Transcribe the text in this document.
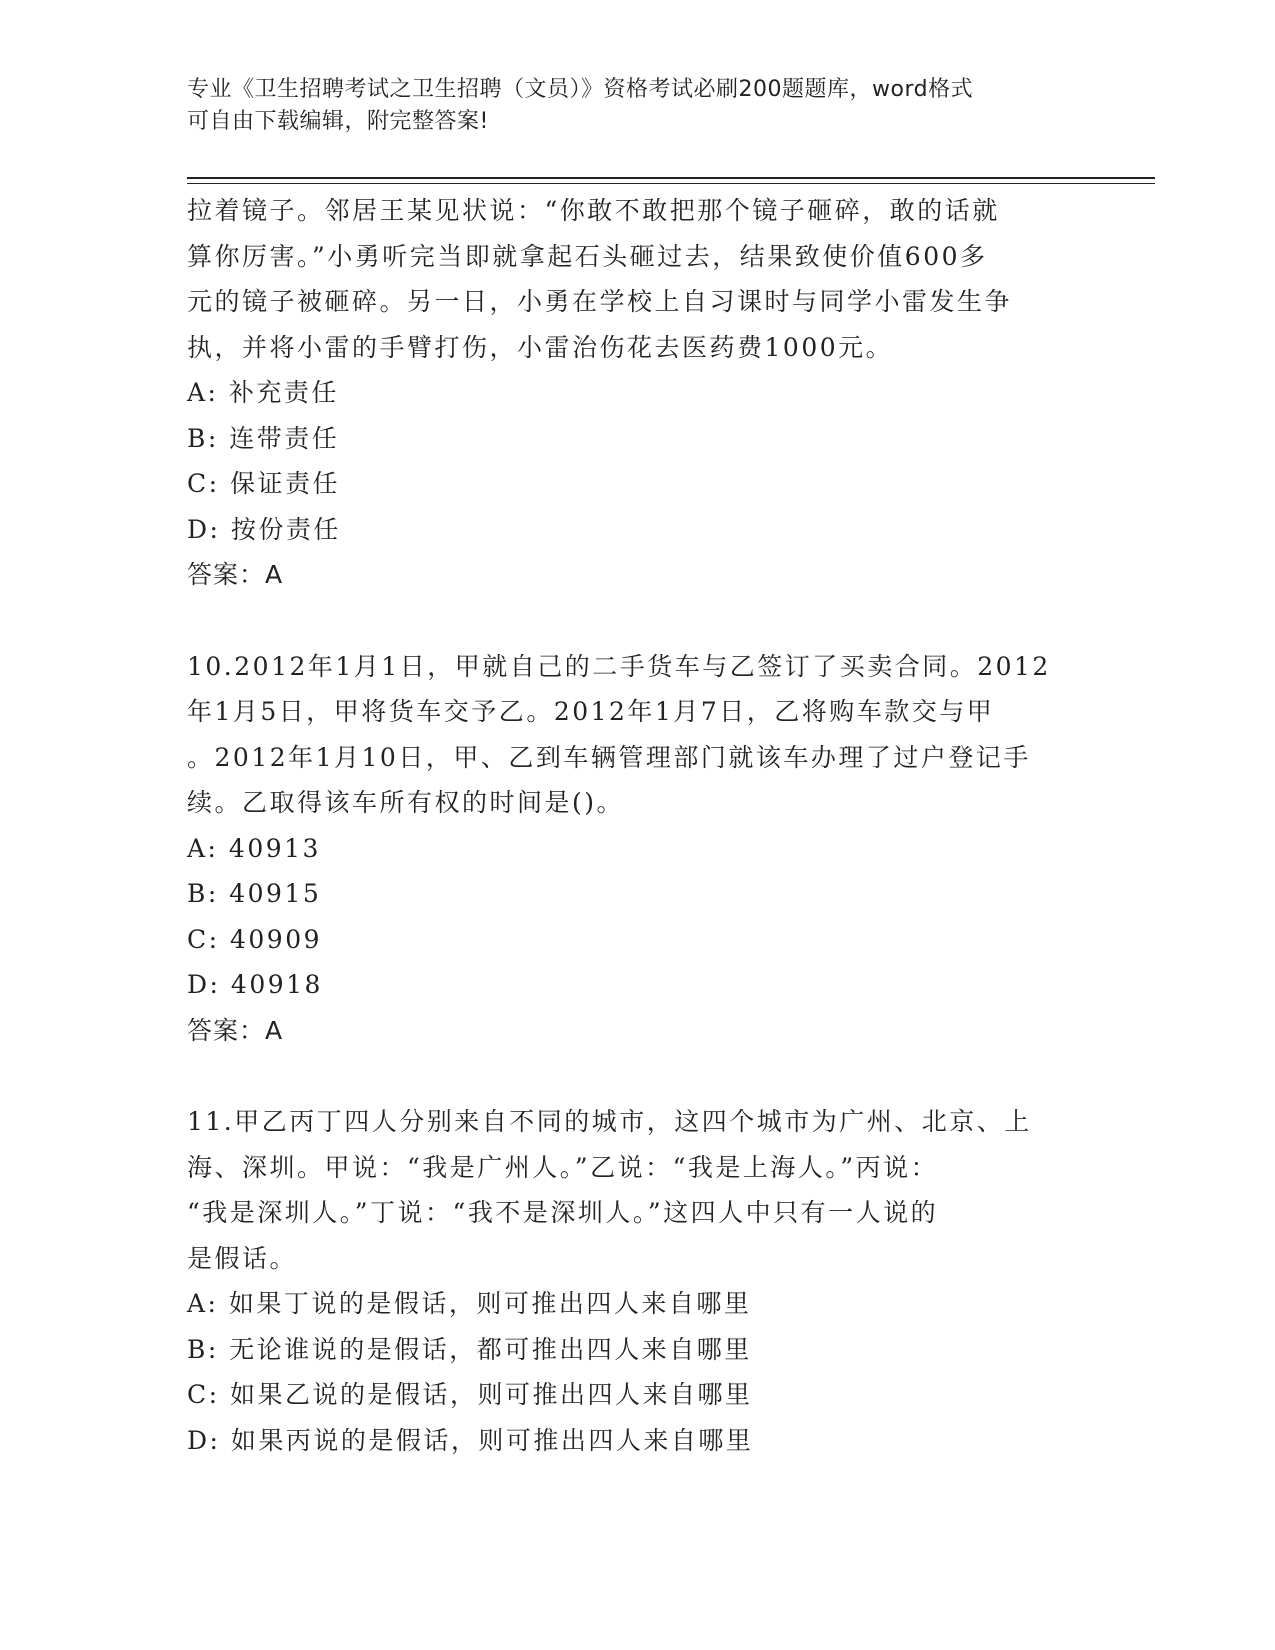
专业《卫生招聘考试之卫生招聘（文员）》资格考试必刷200题题库，word格式
可自由下载编辑，附完整答案!
拉着镜子。邻居王某见状说：“你敢不敢把那个镜子砸碎，敢的话就
算你厉害。”小勇听完当即就拿起石头砸过去，结果致使价值600多
元的镜子被砸碎。另一日，小勇在学校上自习课时与同学小雷发生争
执，并将小雷的手臂打伤，小雷治伤花去医药费1000元。
A: 补充责任
B: 连带责任
C: 保证责任
D: 按份责任
答案：A
10.2012年1月1日，甲就自己的二手货车与乙签订了买卖合同。2012
年1月5日，甲将货车交予乙。2012年1月7日，乙将购车款交与甲
。2012年1月10日，甲、乙到车辆管理部门就该车办理了过户登记手
续。乙取得该车所有权的时间是()。
A: 40913
B: 40915
C: 40909
D: 40918
答案：A
11.甲乙丙丁四人分别来自不同的城市，这四个城市为广州、北京、上
海、深圳。甲说：“我是广州人。”乙说：“我是上海人。”丙说：
“我是深圳人。”丁说：“我不是深圳人。”这四人中只有一人说的
是假话。
A: 如果丁说的是假话，则可推出四人来自哪里
B: 无论谁说的是假话，都可推出四人来自哪里
C: 如果乙说的是假话，则可推出四人来自哪里
D: 如果丙说的是假话，则可推出四人来自哪里
